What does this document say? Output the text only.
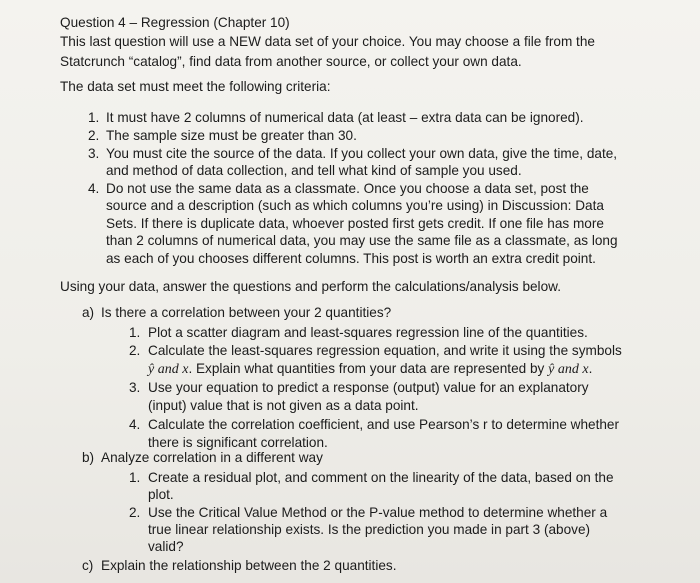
Question 4 – Regression (Chapter 10)
This last question will use a NEW data set of your choice. You may choose a file from the
Statcrunch “catalog”, find data from another source, or collect your own data.
The data set must meet the following criteria:
1. It must have 2 columns of numerical data (at least – extra data can be ignored).
2. The sample size must be greater than 30.
3. You must cite the source of the data. If you collect your own data, give the time, date,
and method of data collection, and tell what kind of sample you used.
4. Do not use the same data as a classmate. Once you choose a data set, post the
source and a description (such as which columns you’re using) in Discussion: Data
Sets. If there is duplicate data, whoever posted first gets credit. If one file has more
than 2 columns of numerical data, you may use the same file as a classmate, as long
as each of you chooses different columns. This post is worth an extra credit point.
Using your data, answer the questions and perform the calculations/analysis below.
a) Is there a correlation between your 2 quantities?
1. Plot a scatter diagram and least-squares regression line of the quantities.
2. Calculate the least-squares regression equation, and write it using the symbols
ŷ and x. Explain what quantities from your data are represented by ŷ and x.
3. Use your equation to predict a response (output) value for an explanatory
(input) value that is not given as a data point.
4. Calculate the correlation coefficient, and use Pearson’s r to determine whether
there is significant correlation.
b) Analyze correlation in a different way
1. Create a residual plot, and comment on the linearity of the data, based on the
plot.
2. Use the Critical Value Method or the P-value method to determine whether a
true linear relationship exists. Is the prediction you made in part 3 (above)
valid?
c) Explain the relationship between the 2 quantities.
